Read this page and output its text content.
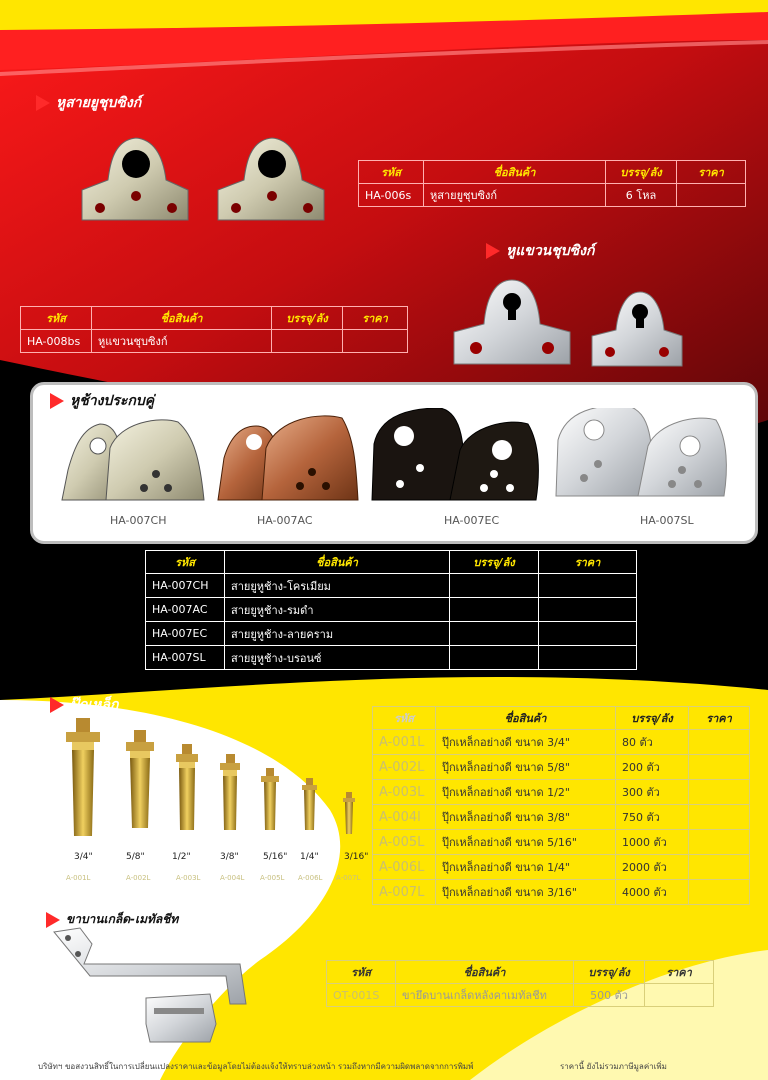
หูสายยูชุบซิงก์
รหัส	ชื่อสินค้า	บรรจุ/ลัง	ราคา
HA-006s	หูสายยูชุบซิงก์	6 โหล	
หูแขวนชุบซิงก์
รหัส	ชื่อสินค้า	บรรจุ/ลัง	ราคา
HA-008bs	หูแขวนชุบซิงก์		
หูช้างประกบคู่
HA-007CH	HA-007AC	HA-007EC	HA-007SL
รหัส	ชื่อสินค้า	บรรจุ/ลัง	ราคา
HA-007CH	สายยูหูช้าง-โครเมียม		
HA-007AC	สายยูหูช้าง-รมดำ		
HA-007EC	สายยูหูช้าง-ลายคราม		
HA-007SL	สายยูหูช้าง-บรอนซ์		
ปุ๊กเหล็ก
3/4"	5/8"	1/2"	3/8"	5/16" 1/4"	3/16"
A-001L	A-002L	A-003L	A-004L A-005L A-006L A-007L
รหัส	ชื่อสินค้า	บรรจุ/ลัง	ราคา
A-001L	ปุ๊กเหล็กอย่างดี ขนาด 3/4"	80 ตัว	
A-002L	ปุ๊กเหล็กอย่างดี ขนาด 5/8"	200 ตัว	
A-003L	ปุ๊กเหล็กอย่างดี ขนาด 1/2"	300 ตัว	
A-004l	ปุ๊กเหล็กอย่างดี ขนาด 3/8"	750 ตัว	
A-005L	ปุ๊กเหล็กอย่างดี ขนาด 5/16"	1000 ตัว	
A-006L	ปุ๊กเหล็กอย่างดี ขนาด 1/4"	2000 ตัว	
A-007L	ปุ๊กเหล็กอย่างดี ขนาด 3/16"	4000 ตัว	
ขาบานเกล็ด-เมทัลชีท
รหัส	ชื่อสินค้า	บรรจุ/ลัง	ราคา
OT-001S	ขายึดบานเกล็ดหลังคาเมทัลชีท	500 ตัว	
บริษัทฯ ขอสงวนสิทธิ์ในการเปลี่ยนแปลงราคาและข้อมูลโดยไม่ต้องแจ้งให้ทราบล่วงหน้า รวมถึงหากมีความผิดพลาดจากการพิมพ์	ราคานี้ ยังไม่รวมภาษีมูลค่าเพิ่ม
